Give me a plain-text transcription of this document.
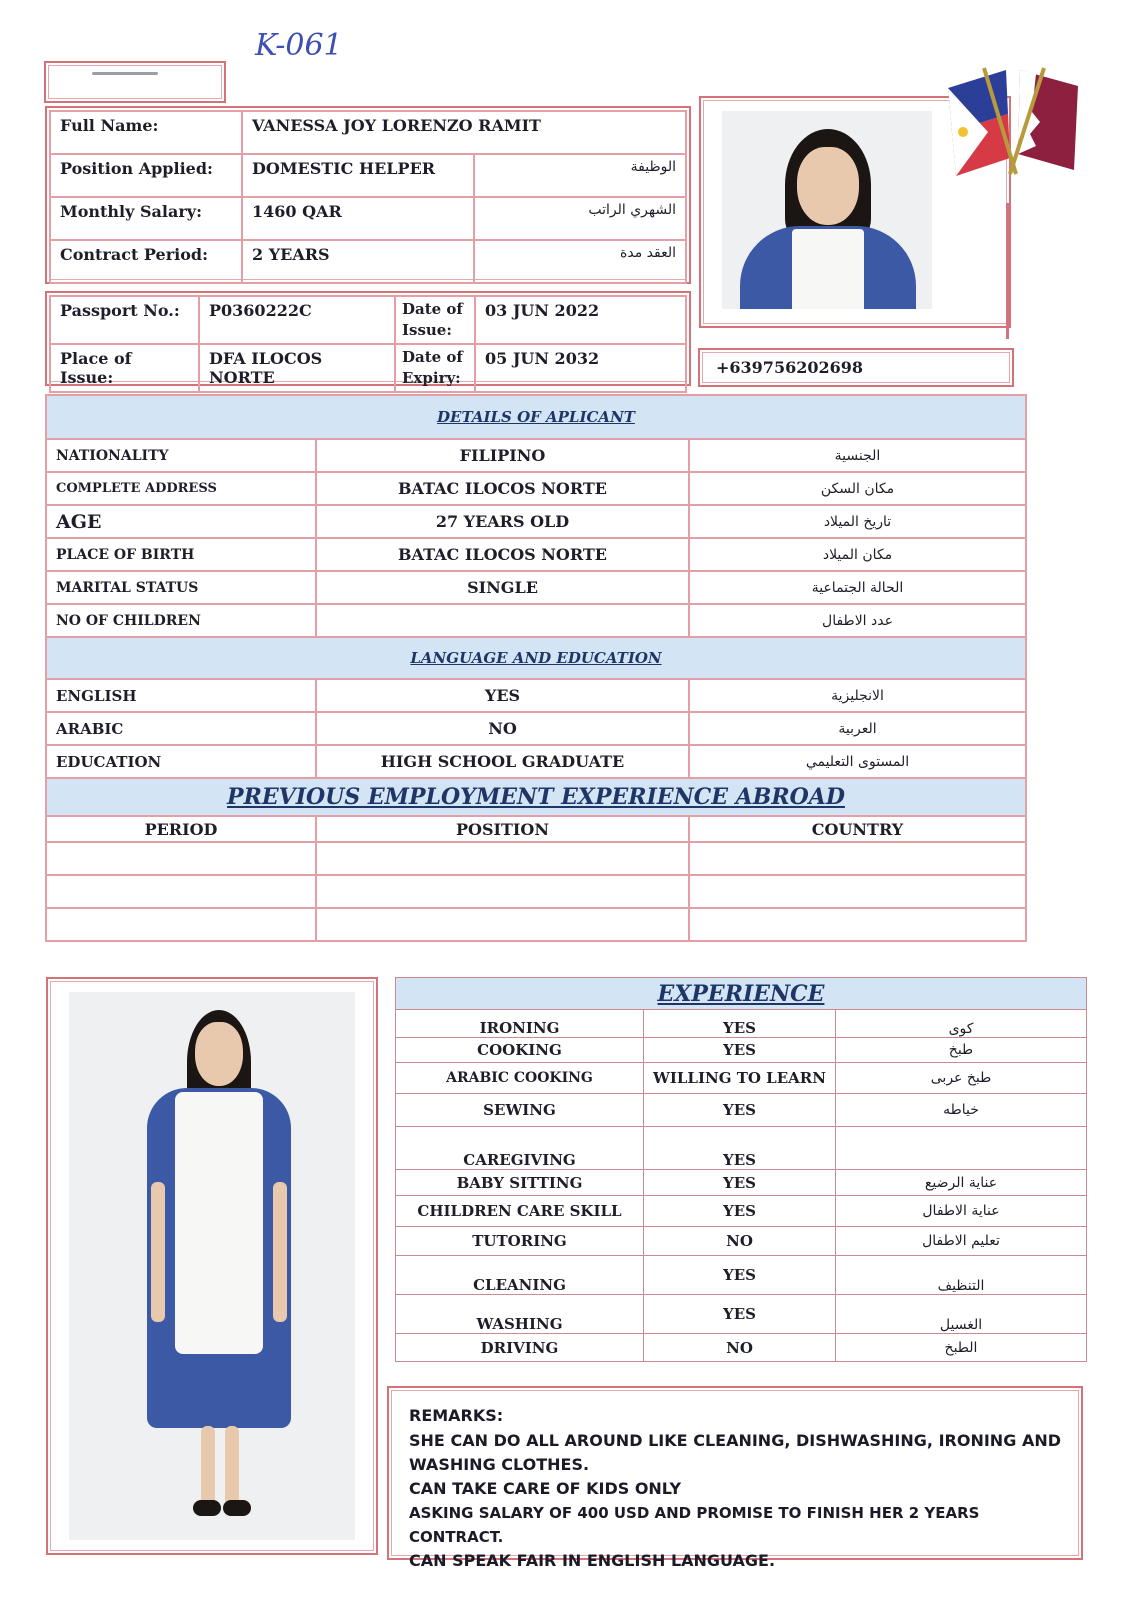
K-061
Full Name:	VANESSA JOY LORENZO RAMIT	
Position Applied:	DOMESTIC HELPER	الوظيفة
Monthly Salary:	1460 QAR	الشهري الراتب
Contract Period:	2 YEARS	العقد مدة
Passport No.:	P0360222C	Date of Issue:	03 JUN 2022
Place of Issue:	DFA ILOCOS NORTE	Date of Expiry:	05 JUN 2032	+639756202698
DETAILS OF APLICANT		
NATIONALITY	FILIPINO	الجنسية
COMPLETE ADDRESS	BATAC ILOCOS NORTE	مكان السكن
AGE	27 YEARS OLD	تاريخ الميلاد
PLACE OF BIRTH	BATAC ILOCOS NORTE	مكان الميلاد
MARITAL STATUS	SINGLE	الحالة الجتماعية
NO OF CHILDREN		عدد الاطفال
LANGUAGE AND EDUCATION		
ENGLISH	YES	الانجليزية
ARABIC	NO	العربية
EDUCATION	HIGH SCHOOL GRADUATE	المستوى التعليمي
PREVIOUS EMPLOYMENT EXPERIENCE ABROAD		
PERIOD	POSITION	COUNTRY

EXPERIENCE		
IRONING	YES	كوى
COOKING	YES	طبخ
ARABIC COOKING	WILLING TO LEARN	طبخ عربى
SEWING	YES	خياطه
CAREGIVING	YES	
BABY SITTING	YES	عناية الرضيع
CHILDREN CARE SKILL	YES	عناية الاطفال
TUTORING	NO	تعليم الاطفال
CLEANING	YES	التنظيف
WASHING	YES	الغسيل
DRIVING	NO	الطبخ
REMARKS:
SHE CAN DO ALL AROUND LIKE CLEANING, DISHWASHING, IRONING AND WASHING CLOTHES.
CAN TAKE CARE OF KIDS ONLY
ASKING SALARY OF 400 USD AND PROMISE TO FINISH HER 2 YEARS CONTRACT.
CAN SPEAK FAIR IN ENGLISH LANGUAGE.
